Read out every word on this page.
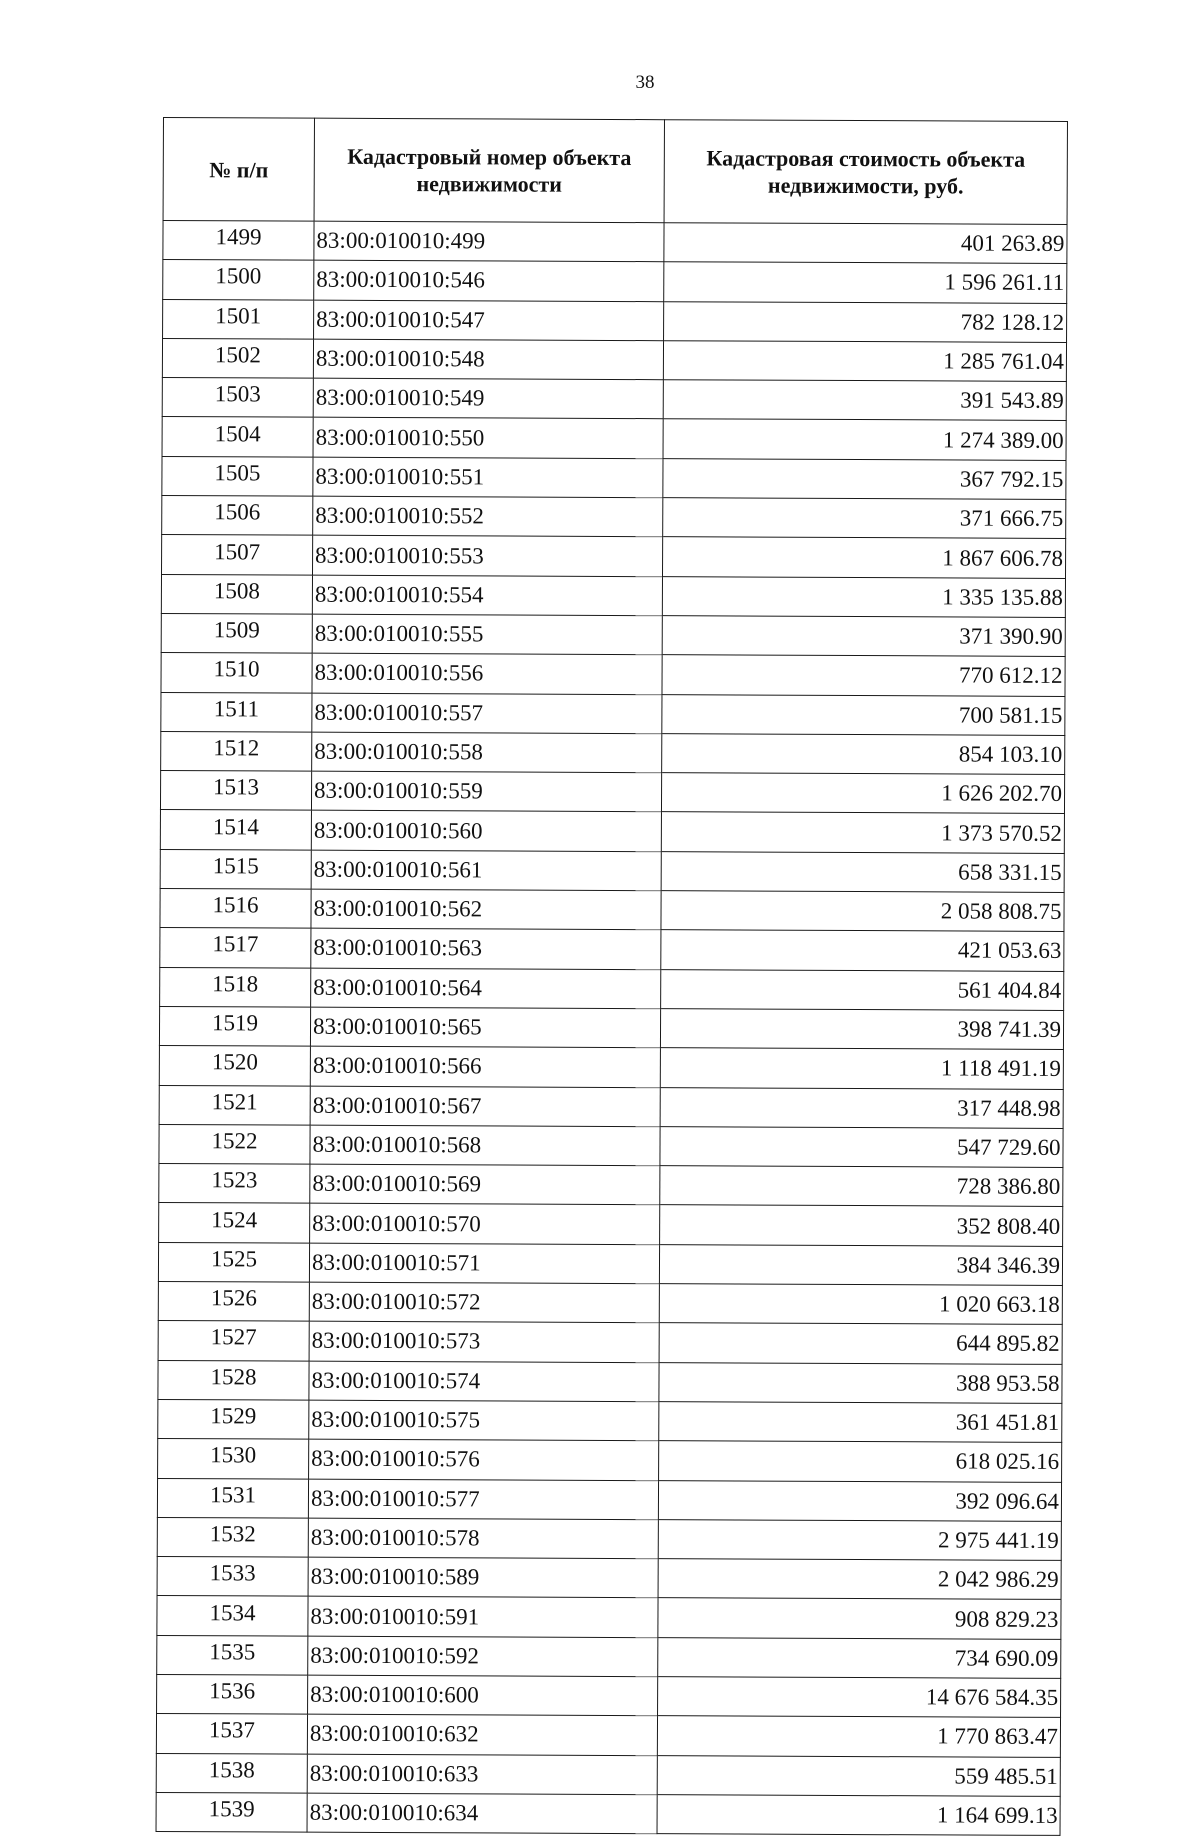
38
№ п/п	Кадастровый номер объекта недвижимости	Кадастровая стоимость объекта недвижимости, руб.
1499	83:00:010010:499	401 263.89
1500	83:00:010010:546	1 596 261.11
1501	83:00:010010:547	782 128.12
1502	83:00:010010:548	1 285 761.04
1503	83:00:010010:549	391 543.89
1504	83:00:010010:550	1 274 389.00
1505	83:00:010010:551	367 792.15
1506	83:00:010010:552	371 666.75
1507	83:00:010010:553	1 867 606.78
1508	83:00:010010:554	1 335 135.88
1509	83:00:010010:555	371 390.90
1510	83:00:010010:556	770 612.12
1511	83:00:010010:557	700 581.15
1512	83:00:010010:558	854 103.10
1513	83:00:010010:559	1 626 202.70
1514	83:00:010010:560	1 373 570.52
1515	83:00:010010:561	658 331.15
1516	83:00:010010:562	2 058 808.75
1517	83:00:010010:563	421 053.63
1518	83:00:010010:564	561 404.84
1519	83:00:010010:565	398 741.39
1520	83:00:010010:566	1 118 491.19
1521	83:00:010010:567	317 448.98
1522	83:00:010010:568	547 729.60
1523	83:00:010010:569	728 386.80
1524	83:00:010010:570	352 808.40
1525	83:00:010010:571	384 346.39
1526	83:00:010010:572	1 020 663.18
1527	83:00:010010:573	644 895.82
1528	83:00:010010:574	388 953.58
1529	83:00:010010:575	361 451.81
1530	83:00:010010:576	618 025.16
1531	83:00:010010:577	392 096.64
1532	83:00:010010:578	2 975 441.19
1533	83:00:010010:589	2 042 986.29
1534	83:00:010010:591	908 829.23
1535	83:00:010010:592	734 690.09
1536	83:00:010010:600	14 676 584.35
1537	83:00:010010:632	1 770 863.47
1538	83:00:010010:633	559 485.51
1539	83:00:010010:634	1 164 699.13
